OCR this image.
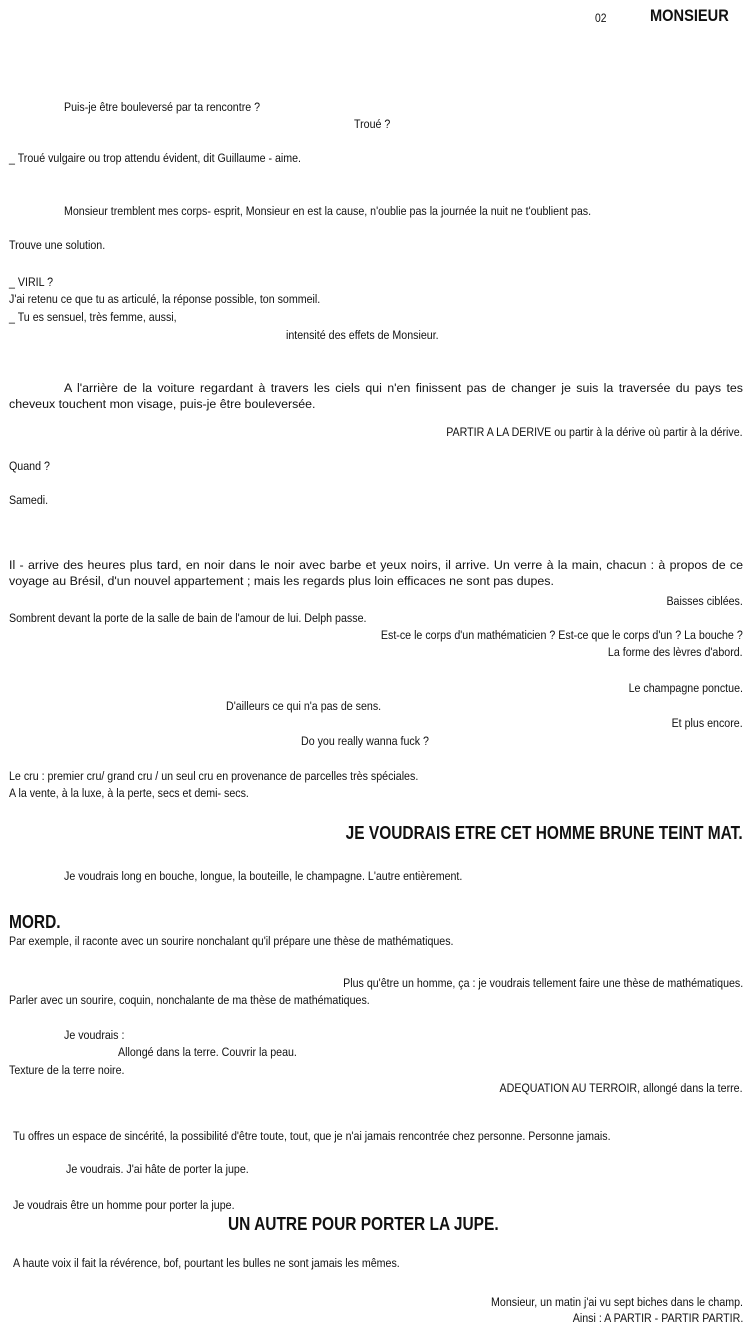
02	MONSIEUR
Puis-je être bouleversé par ta rencontre ?
Troué ?
_ Troué vulgaire ou trop attendu évident, dit Guillaume - aime.
Monsieur tremblent mes corps- esprit, Monsieur en est la cause, n'oublie pas la journée la nuit ne t'oublient pas.
Trouve une solution.
_ VIRIL ?
J'ai retenu ce que tu as articulé, la réponse possible, ton sommeil.
_ Tu es sensuel, très femme, aussi,
intensité des effets de Monsieur.
A l'arrière de la voiture regardant à travers les ciels qui n'en finissent pas de changer je suis la traversée du pays tes cheveux touchent mon visage, puis-je être bouleversée.
PARTIR A LA DERIVE ou partir à la dérive où partir à la dérive.
Quand ?
Samedi.
Il - arrive des heures plus tard, en noir dans le noir avec barbe et yeux noirs, il arrive. Un verre à la main, chacun : à propos de ce voyage au Brésil, d'un nouvel appartement ; mais les regards plus loin efficaces ne sont pas dupes.
Baisses ciblées.
Sombrent devant la porte de la salle de bain de l'amour de lui. Delph passe.
Est-ce le corps d'un mathématicien ? Est-ce que le corps d'un ? La bouche ?
La forme des lèvres d'abord.
Le champagne ponctue.
D'ailleurs ce qui n'a pas de sens.
Et plus encore.
Do you really wanna fuck ?
Le cru : premier cru/ grand cru / un seul cru en provenance de parcelles très spéciales.
A la vente, à la luxe, à la perte, secs et demi- secs.
JE VOUDRAIS ETRE CET HOMME BRUNE TEINT MAT.
Je voudrais long en bouche, longue, la bouteille, le champagne. L'autre entièrement.
MORD.
Par exemple, il raconte avec un sourire nonchalant qu'il prépare une thèse de mathématiques.
Plus qu'être un homme, ça : je voudrais tellement faire une thèse de mathématiques.
Parler avec un sourire, coquin, nonchalante de ma thèse de mathématiques.
Je voudrais :
Allongé dans la terre. Couvrir la peau.
Texture de la terre noire.
ADEQUATION AU TERROIR, allongé dans la terre.
Tu offres un espace de sincérité, la possibilité d'être toute, tout, que je n'ai jamais rencontrée chez personne. Personne jamais.
Je voudrais. J'ai hâte de porter la jupe.
Je voudrais être un homme pour porter la jupe.
UN AUTRE POUR PORTER LA JUPE.
A haute voix il fait la révérence, bof, pourtant les bulles ne sont jamais les mêmes.
Monsieur, un matin j'ai vu sept biches dans le champ.
Ainsi : A PARTIR - PARTIR PARTIR.
